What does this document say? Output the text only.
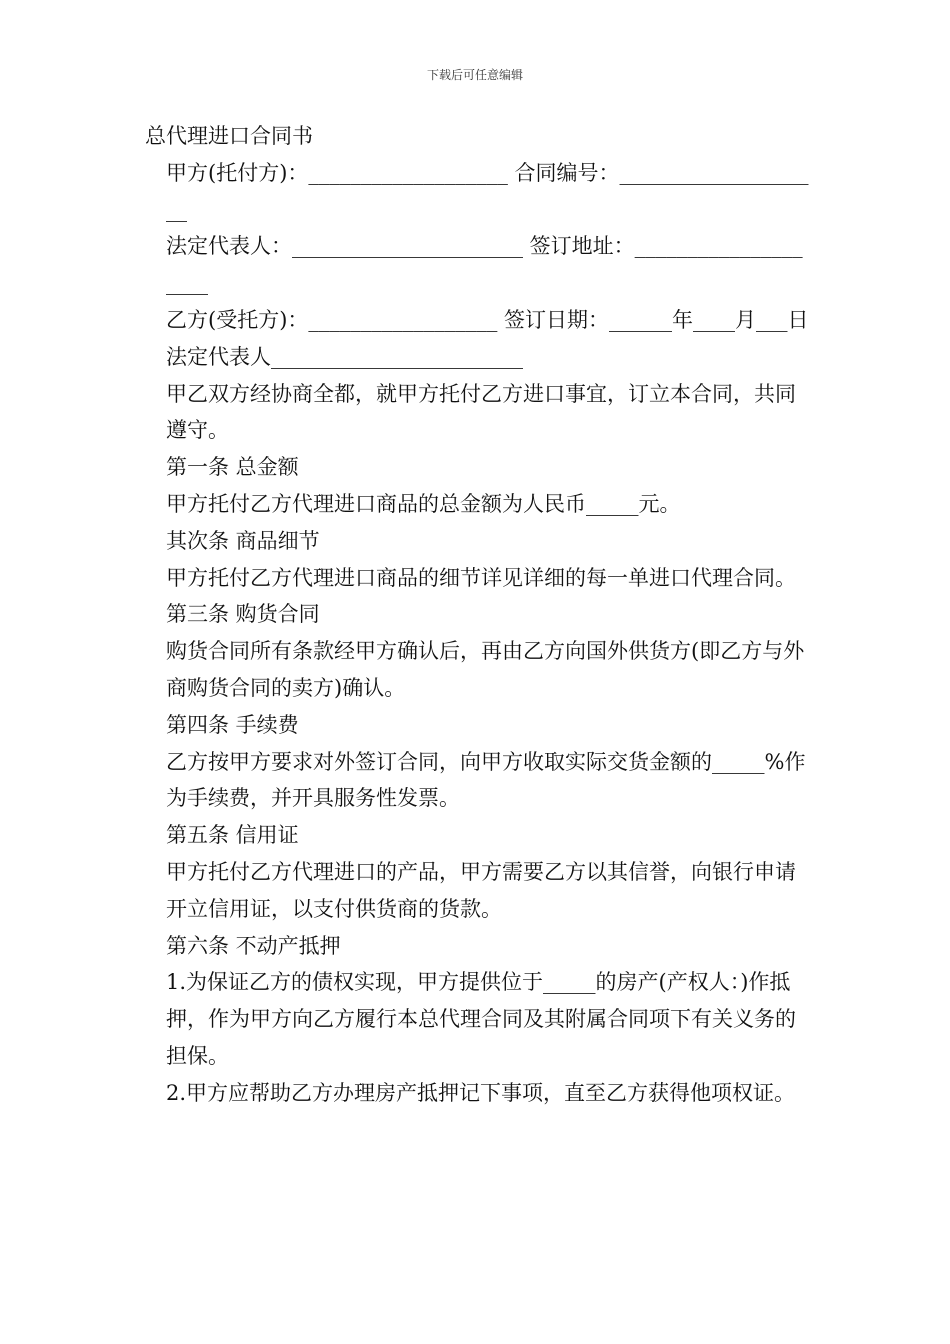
下载后可任意编辑

总代理进口合同书

甲方(托付方)：___________________ 合同编号：____________________

法定代表人：______________________ 签订地址：____________________

乙方(受托方)：__________________ 签订日期：______年____月___日

法定代表人________________________

甲乙双方经协商全都，就甲方托付乙方进口事宜，订立本合同，共同遵守。

第一条 总金额

甲方托付乙方代理进口商品的总金额为人民币_____元。

其次条 商品细节

甲方托付乙方代理进口商品的细节详见详细的每一单进口代理合同。

第三条 购货合同

购货合同所有条款经甲方确认后，再由乙方向国外供货方(即乙方与外商购货合同的卖方)确认。

第四条 手续费

乙方按甲方要求对外签订合同，向甲方收取实际交货金额的_____%作为手续费，并开具服务性发票。

第五条 信用证

甲方托付乙方代理进口的产品，甲方需要乙方以其信誉，向银行申请开立信用证，以支付供货商的货款。

第六条 不动产抵押

1.为保证乙方的债权实现，甲方提供位于_____的房产(产权人：)作抵押，作为甲方向乙方履行本总代理合同及其附属合同项下有关义务的担保。

2.甲方应帮助乙方办理房产抵押记下事项，直至乙方获得他项权证。
